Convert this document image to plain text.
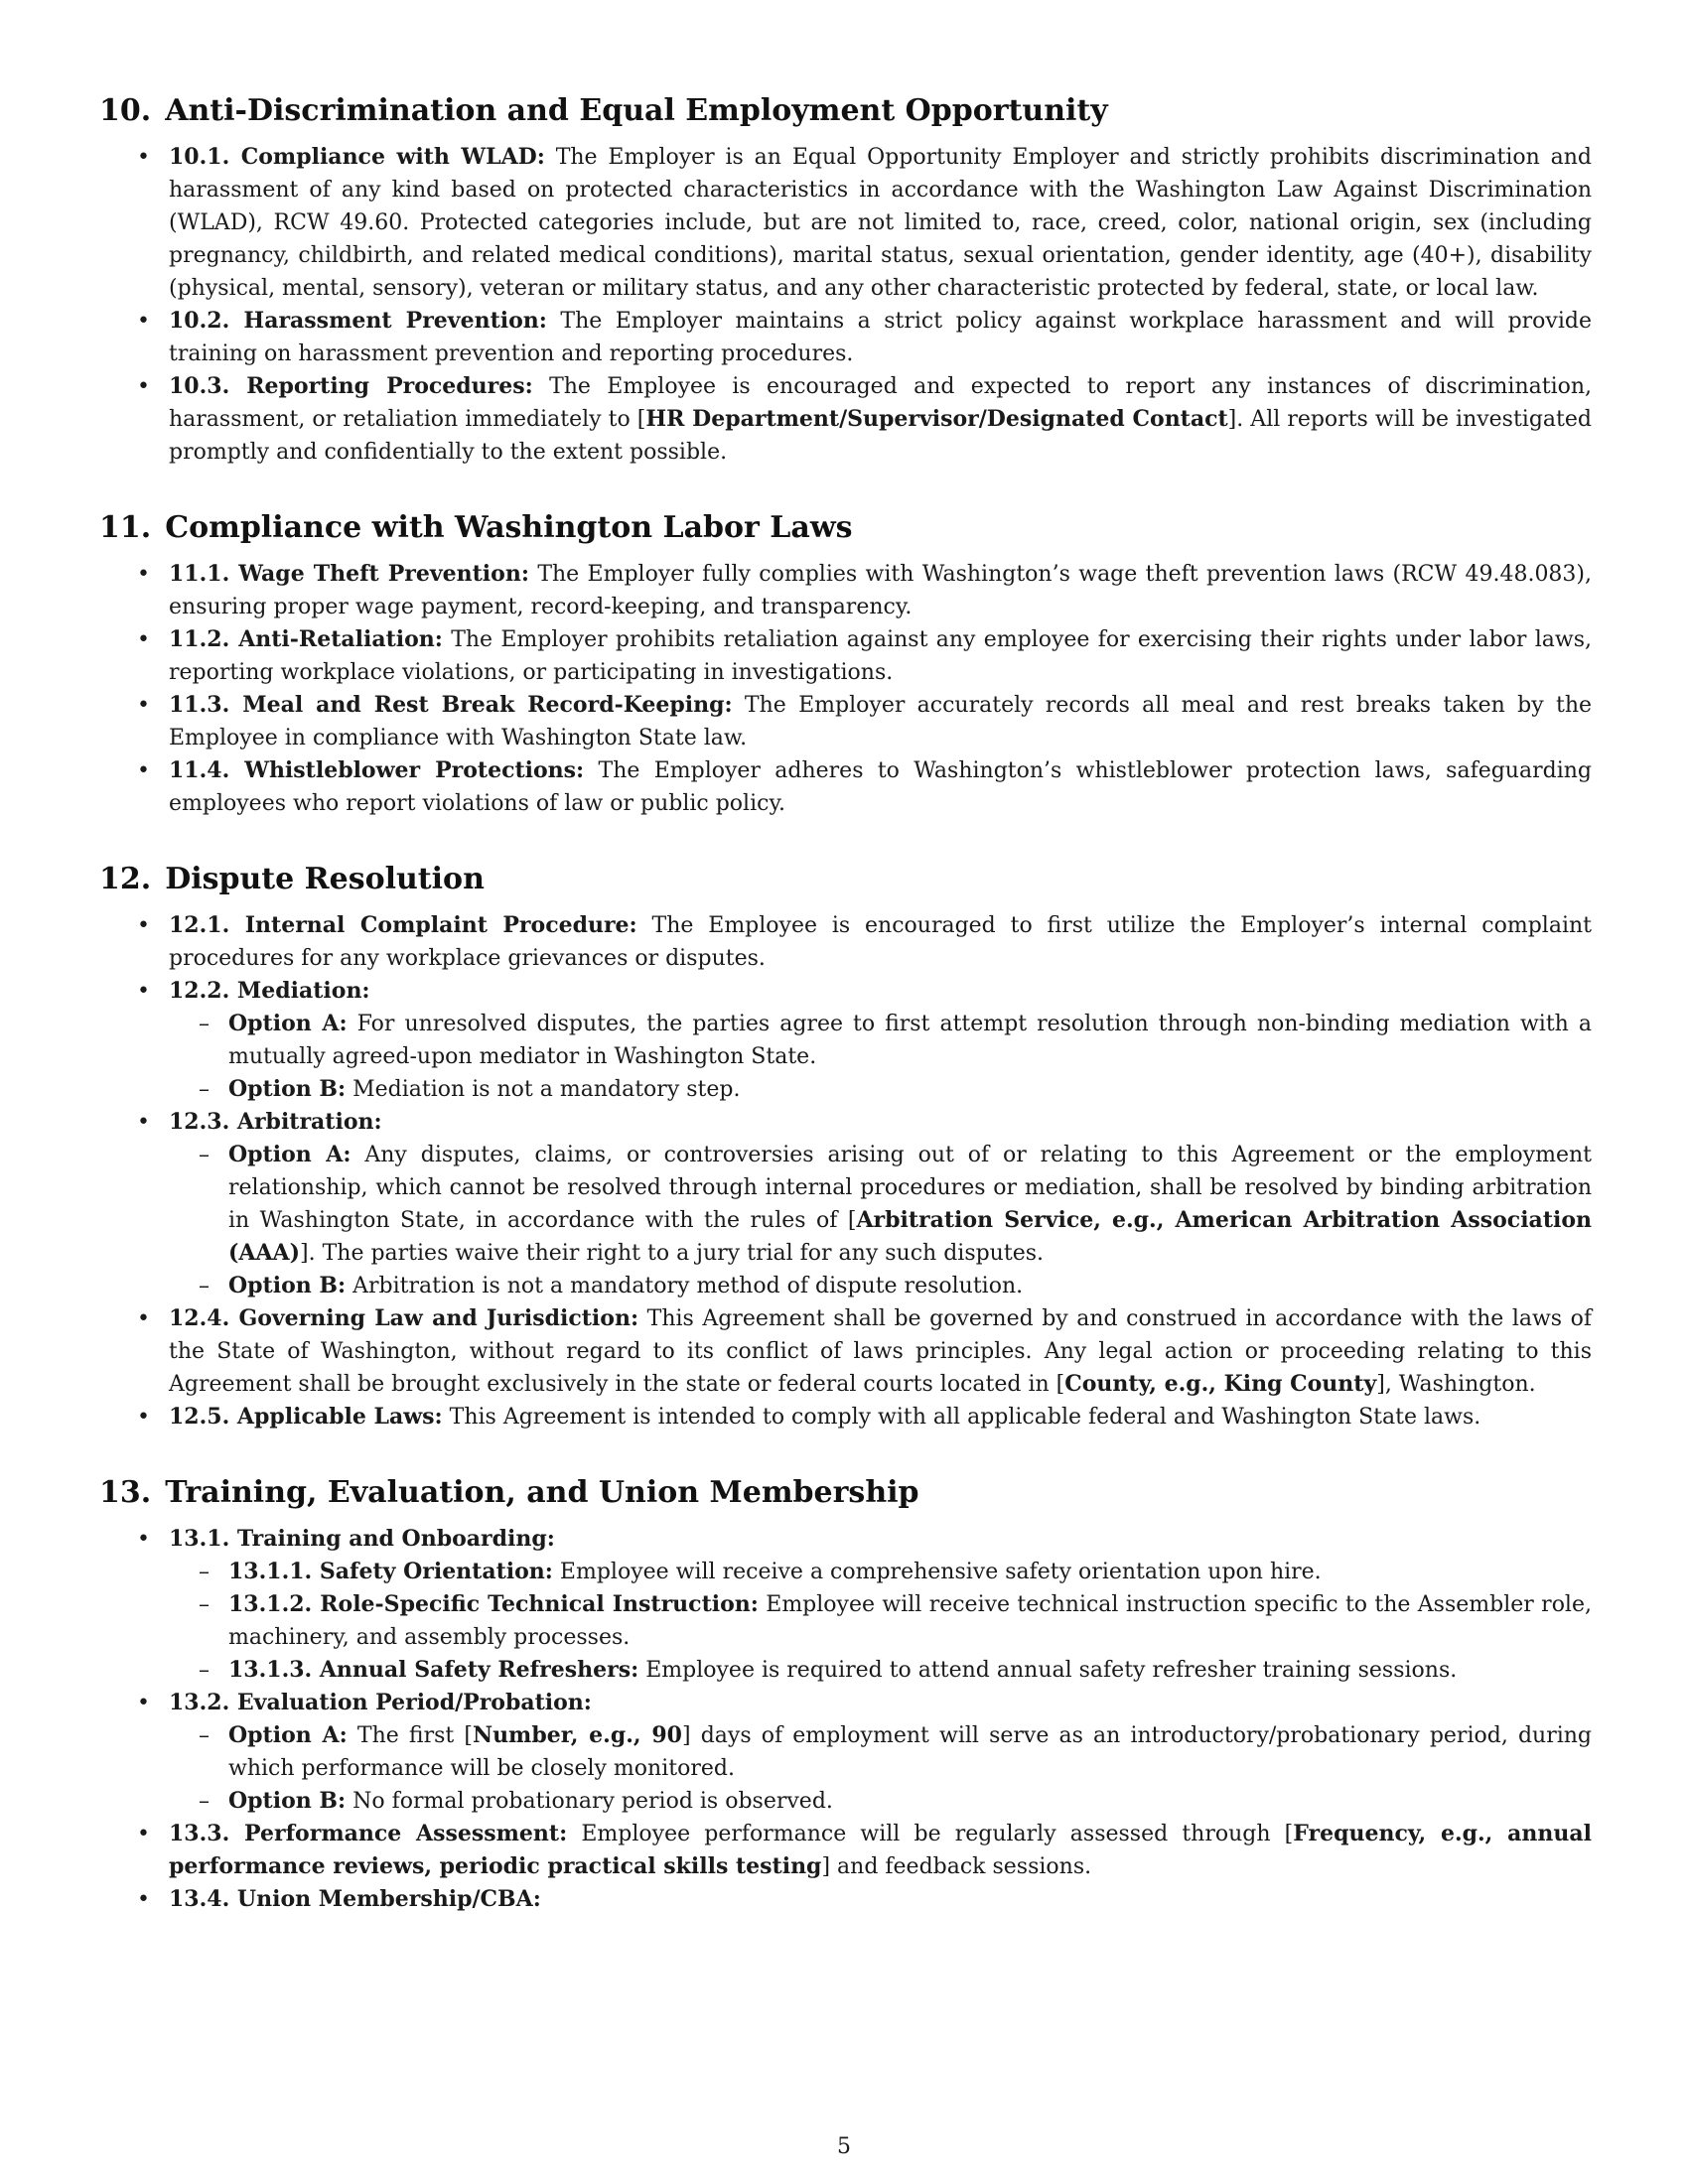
10. Anti-Discrimination and Equal Employment Opportunity
• 10.1. Compliance with WLAD: The Employer is an Equal Opportunity Employer and strictly prohibits discrimination and harassment of any kind based on protected characteristics in accordance with the Washington Law Against Discrimination (WLAD), RCW 49.60. Protected categories include, but are not limited to, race, creed, color, national origin, sex (including pregnancy, childbirth, and related medical conditions), marital status, sexual orientation, gender identity, age (40+), disability (physical, mental, sensory), veteran or military status, and any other characteristic protected by federal, state, or local law.
• 10.2. Harassment Prevention: The Employer maintains a strict policy against workplace harassment and will provide training on harassment prevention and reporting procedures.
• 10.3. Reporting Procedures: The Employee is encouraged and expected to report any instances of discrimination, harassment, or retaliation immediately to [HR Department/Supervisor/Designated Contact]. All reports will be investigated promptly and confidentially to the extent possible.
11. Compliance with Washington Labor Laws
• 11.1. Wage Theft Prevention: The Employer fully complies with Washington’s wage theft prevention laws (RCW 49.48.083), ensuring proper wage payment, record-keeping, and transparency.
• 11.2. Anti-Retaliation: The Employer prohibits retaliation against any employee for exercising their rights under labor laws, reporting workplace violations, or participating in investigations.
• 11.3. Meal and Rest Break Record-Keeping: The Employer accurately records all meal and rest breaks taken by the Employee in compliance with Washington State law.
• 11.4. Whistleblower Protections: The Employer adheres to Washington’s whistleblower protection laws, safeguarding employees who report violations of law or public policy.
12. Dispute Resolution
• 12.1. Internal Complaint Procedure: The Employee is encouraged to first utilize the Employer’s internal complaint procedures for any workplace grievances or disputes.
• 12.2. Mediation:
– Option A: For unresolved disputes, the parties agree to first attempt resolution through non-binding mediation with a mutually agreed-upon mediator in Washington State.
– Option B: Mediation is not a mandatory step.
• 12.3. Arbitration:
– Option A: Any disputes, claims, or controversies arising out of or relating to this Agreement or the employment relationship, which cannot be resolved through internal procedures or mediation, shall be resolved by binding arbitration in Washington State, in accordance with the rules of [Arbitration Service, e.g., American Arbitration Association (AAA)]. The parties waive their right to a jury trial for any such disputes.
– Option B: Arbitration is not a mandatory method of dispute resolution.
• 12.4. Governing Law and Jurisdiction: This Agreement shall be governed by and construed in accordance with the laws of the State of Washington, without regard to its conflict of laws principles. Any legal action or proceeding relating to this Agreement shall be brought exclusively in the state or federal courts located in [County, e.g., King County], Washington.
• 12.5. Applicable Laws: This Agreement is intended to comply with all applicable federal and Washington State laws.
13. Training, Evaluation, and Union Membership
• 13.1. Training and Onboarding:
– 13.1.1. Safety Orientation: Employee will receive a comprehensive safety orientation upon hire.
– 13.1.2. Role-Specific Technical Instruction: Employee will receive technical instruction specific to the Assembler role, machinery, and assembly processes.
– 13.1.3. Annual Safety Refreshers: Employee is required to attend annual safety refresher training sessions.
• 13.2. Evaluation Period/Probation:
– Option A: The first [Number, e.g., 90] days of employment will serve as an introductory/probationary period, during which performance will be closely monitored.
– Option B: No formal probationary period is observed.
• 13.3. Performance Assessment: Employee performance will be regularly assessed through [Frequency, e.g., annual performance reviews, periodic practical skills testing] and feedback sessions.
• 13.4. Union Membership/CBA:
5
